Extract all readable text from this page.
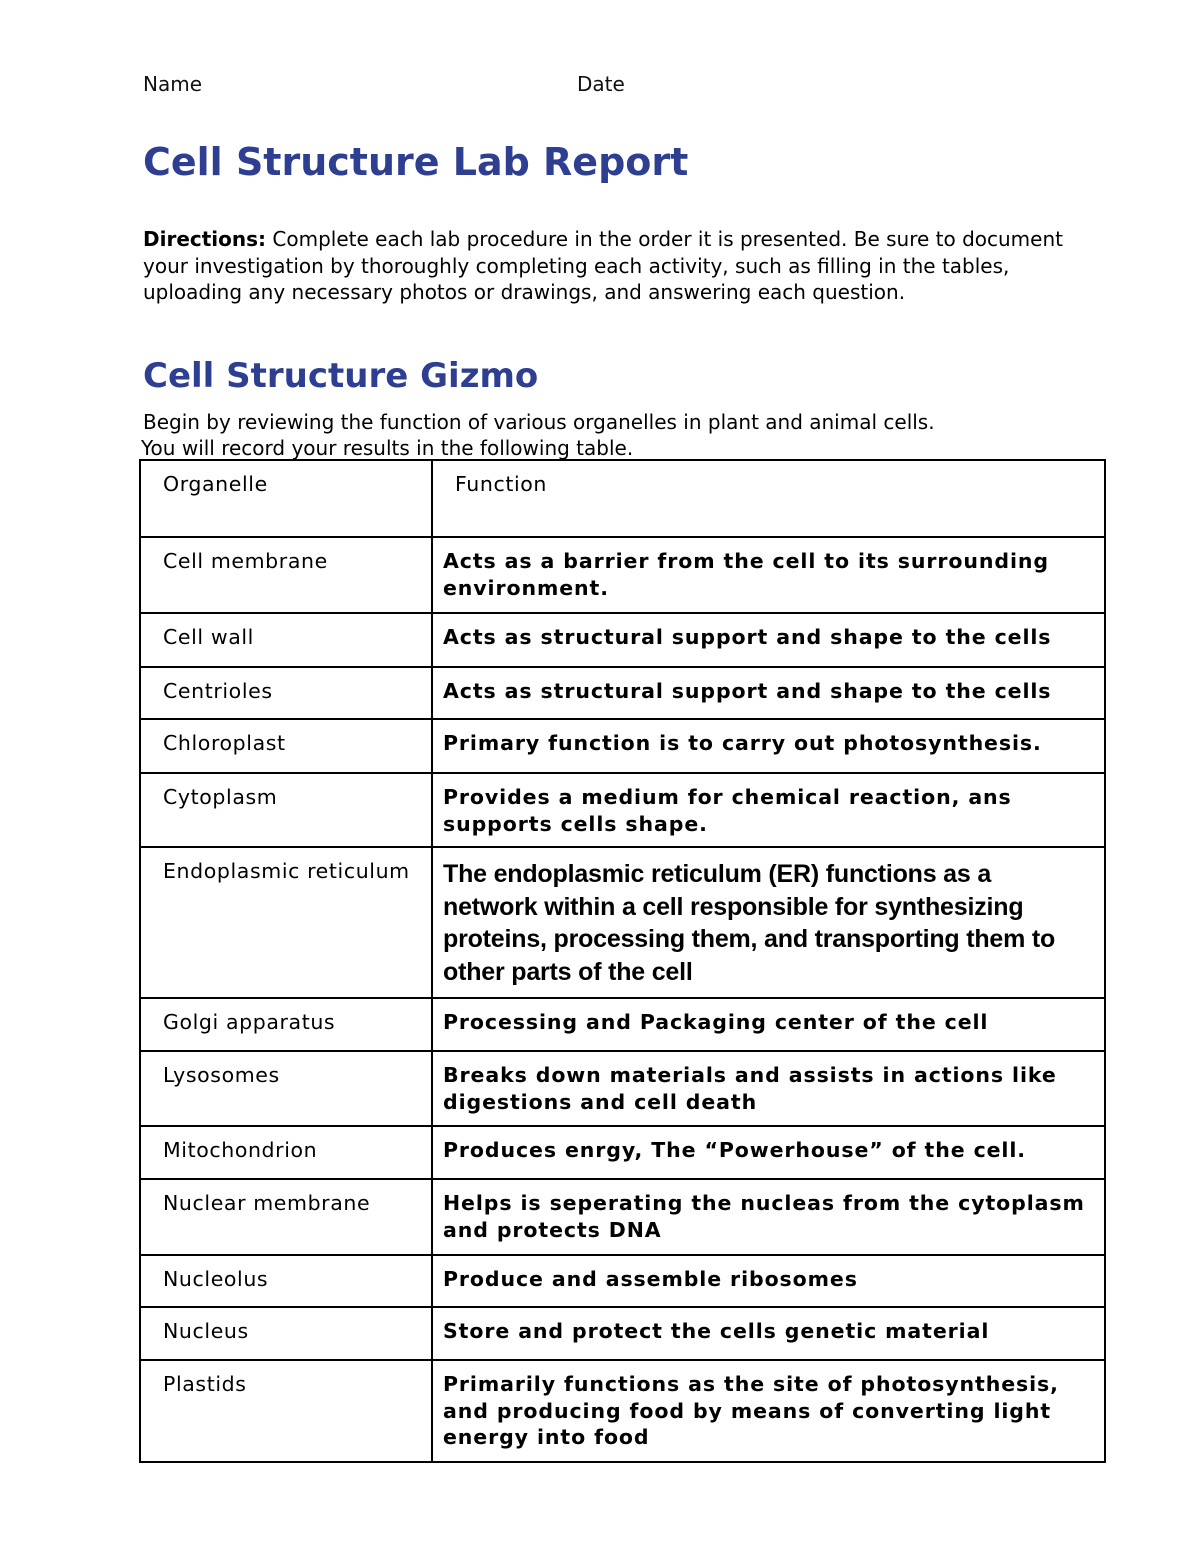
Name	Date
Cell Structure Lab Report

Directions: Complete each lab procedure in the order it is presented. Be sure to document your investigation by thoroughly completing each activity, such as filling in the tables, uploading any necessary photos or drawings, and answering each question.

Cell Structure Gizmo

Begin by reviewing the function of various organelles in plant and animal cells.
You will record your results in the following table.

Organelle	Function
Cell membrane	Acts as a barrier from the cell to its surrounding environment.
Cell wall	Acts as structural support and shape to the cells
Centrioles	Acts as structural support and shape to the cells
Chloroplast	Primary function is to carry out photosynthesis.
Cytoplasm	Provides a medium for chemical reaction, ans supports cells shape.
Endoplasmic reticulum	The endoplasmic reticulum (ER) functions as a network within a cell responsible for synthesizing proteins, processing them, and transporting them to other parts of the cell
Golgi apparatus	Processing and Packaging center of the cell
Lysosomes	Breaks down materials and assists in actions like digestions and cell death
Mitochondrion	Produces enrgy, The “Powerhouse” of the cell.
Nuclear membrane	Helps is seperating the nucleas from the cytoplasm and protects DNA
Nucleolus	Produce and assemble ribosomes
Nucleus	Store and protect the cells genetic material
Plastids	Primarily functions as the site of photosynthesis, and producing food by means of converting light energy into food
